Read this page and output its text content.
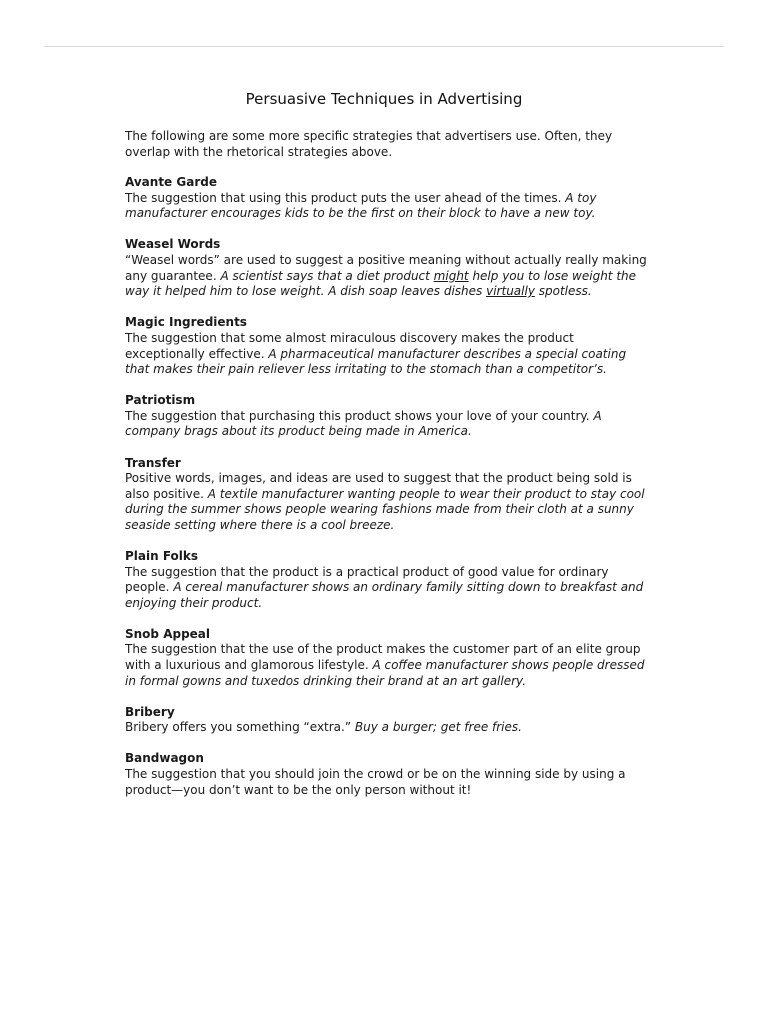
Persuasive Techniques in Advertising

The following are some more specific strategies that advertisers use. Often, they overlap with the rhetorical strategies above.

Avante Garde

The suggestion that using this product puts the user ahead of the times. A toy manufacturer encourages kids to be the first on their block to have a new toy.

Weasel Words

“Weasel words” are used to suggest a positive meaning without actually really making any guarantee. A scientist says that a diet product might help you to lose weight the way it helped him to lose weight. A dish soap leaves dishes virtually spotless.

Magic Ingredients

The suggestion that some almost miraculous discovery makes the product exceptionally effective. A pharmaceutical manufacturer describes a special coating that makes their pain reliever less irritating to the stomach than a competitor’s.

Patriotism

The suggestion that purchasing this product shows your love of your country. A company brags about its product being made in America.

Transfer

Positive words, images, and ideas are used to suggest that the product being sold is also positive. A textile manufacturer wanting people to wear their product to stay cool during the summer shows people wearing fashions made from their cloth at a sunny seaside setting where there is a cool breeze.

Plain Folks

The suggestion that the product is a practical product of good value for ordinary people. A cereal manufacturer shows an ordinary family sitting down to breakfast and enjoying their product.

Snob Appeal

The suggestion that the use of the product makes the customer part of an elite group with a luxurious and glamorous lifestyle. A coffee manufacturer shows people dressed in formal gowns and tuxedos drinking their brand at an art gallery.

Bribery

Bribery offers you something “extra.” Buy a burger; get free fries.

Bandwagon

The suggestion that you should join the crowd or be on the winning side by using a product—you don’t want to be the only person without it!
